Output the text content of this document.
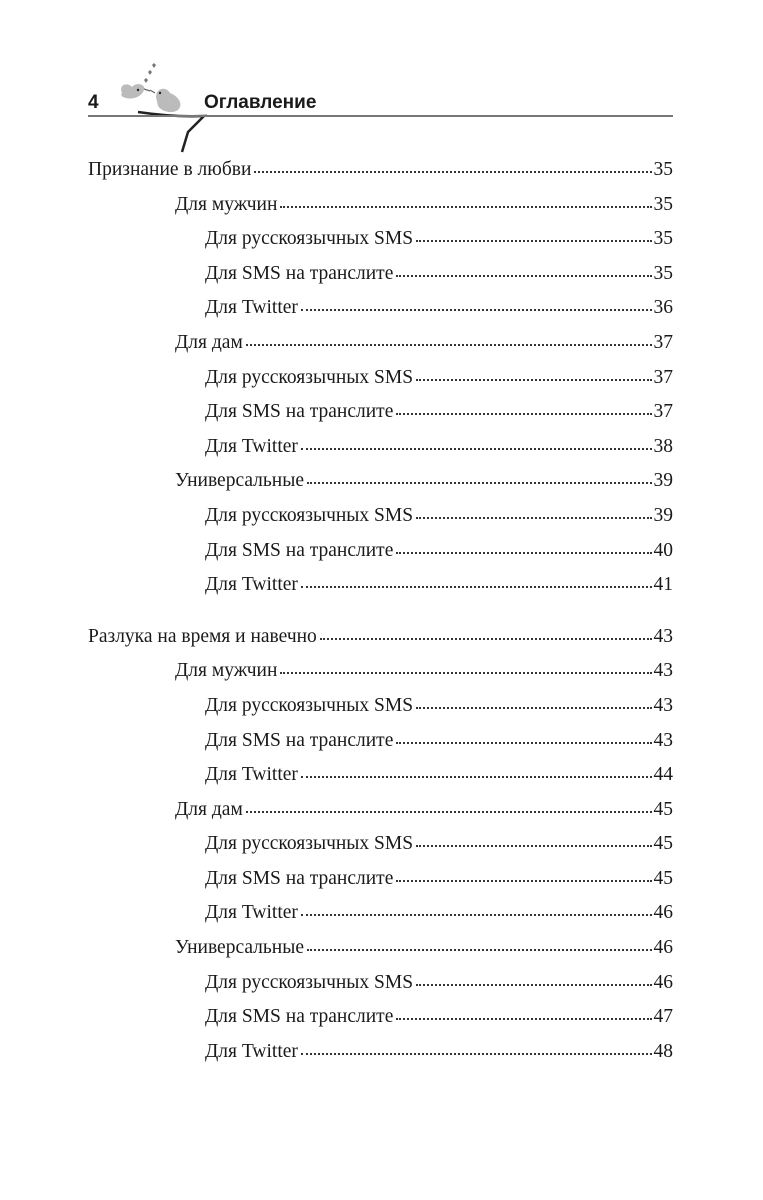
4	Оглавление
Признание в любви	35
Для мужчин	35
Для русскоязычных SMS	35
Для SMS на транслите	35
Для Twitter	36
Для дам	37
Для русскоязычных SMS	37
Для SMS на транслите	37
Для Twitter	38
Универсальные	39
Для русскоязычных SMS	39
Для SMS на транслите	40
Для Twitter	41
Разлука на время и навечно	43
Для мужчин	43
Для русскоязычных SMS	43
Для SMS на транслите	43
Для Twitter	44
Для дам	45
Для русскоязычных SMS	45
Для SMS на транслите	45
Для Twitter	46
Универсальные	46
Для русскоязычных SMS	46
Для SMS на транслите	47
Для Twitter	48
